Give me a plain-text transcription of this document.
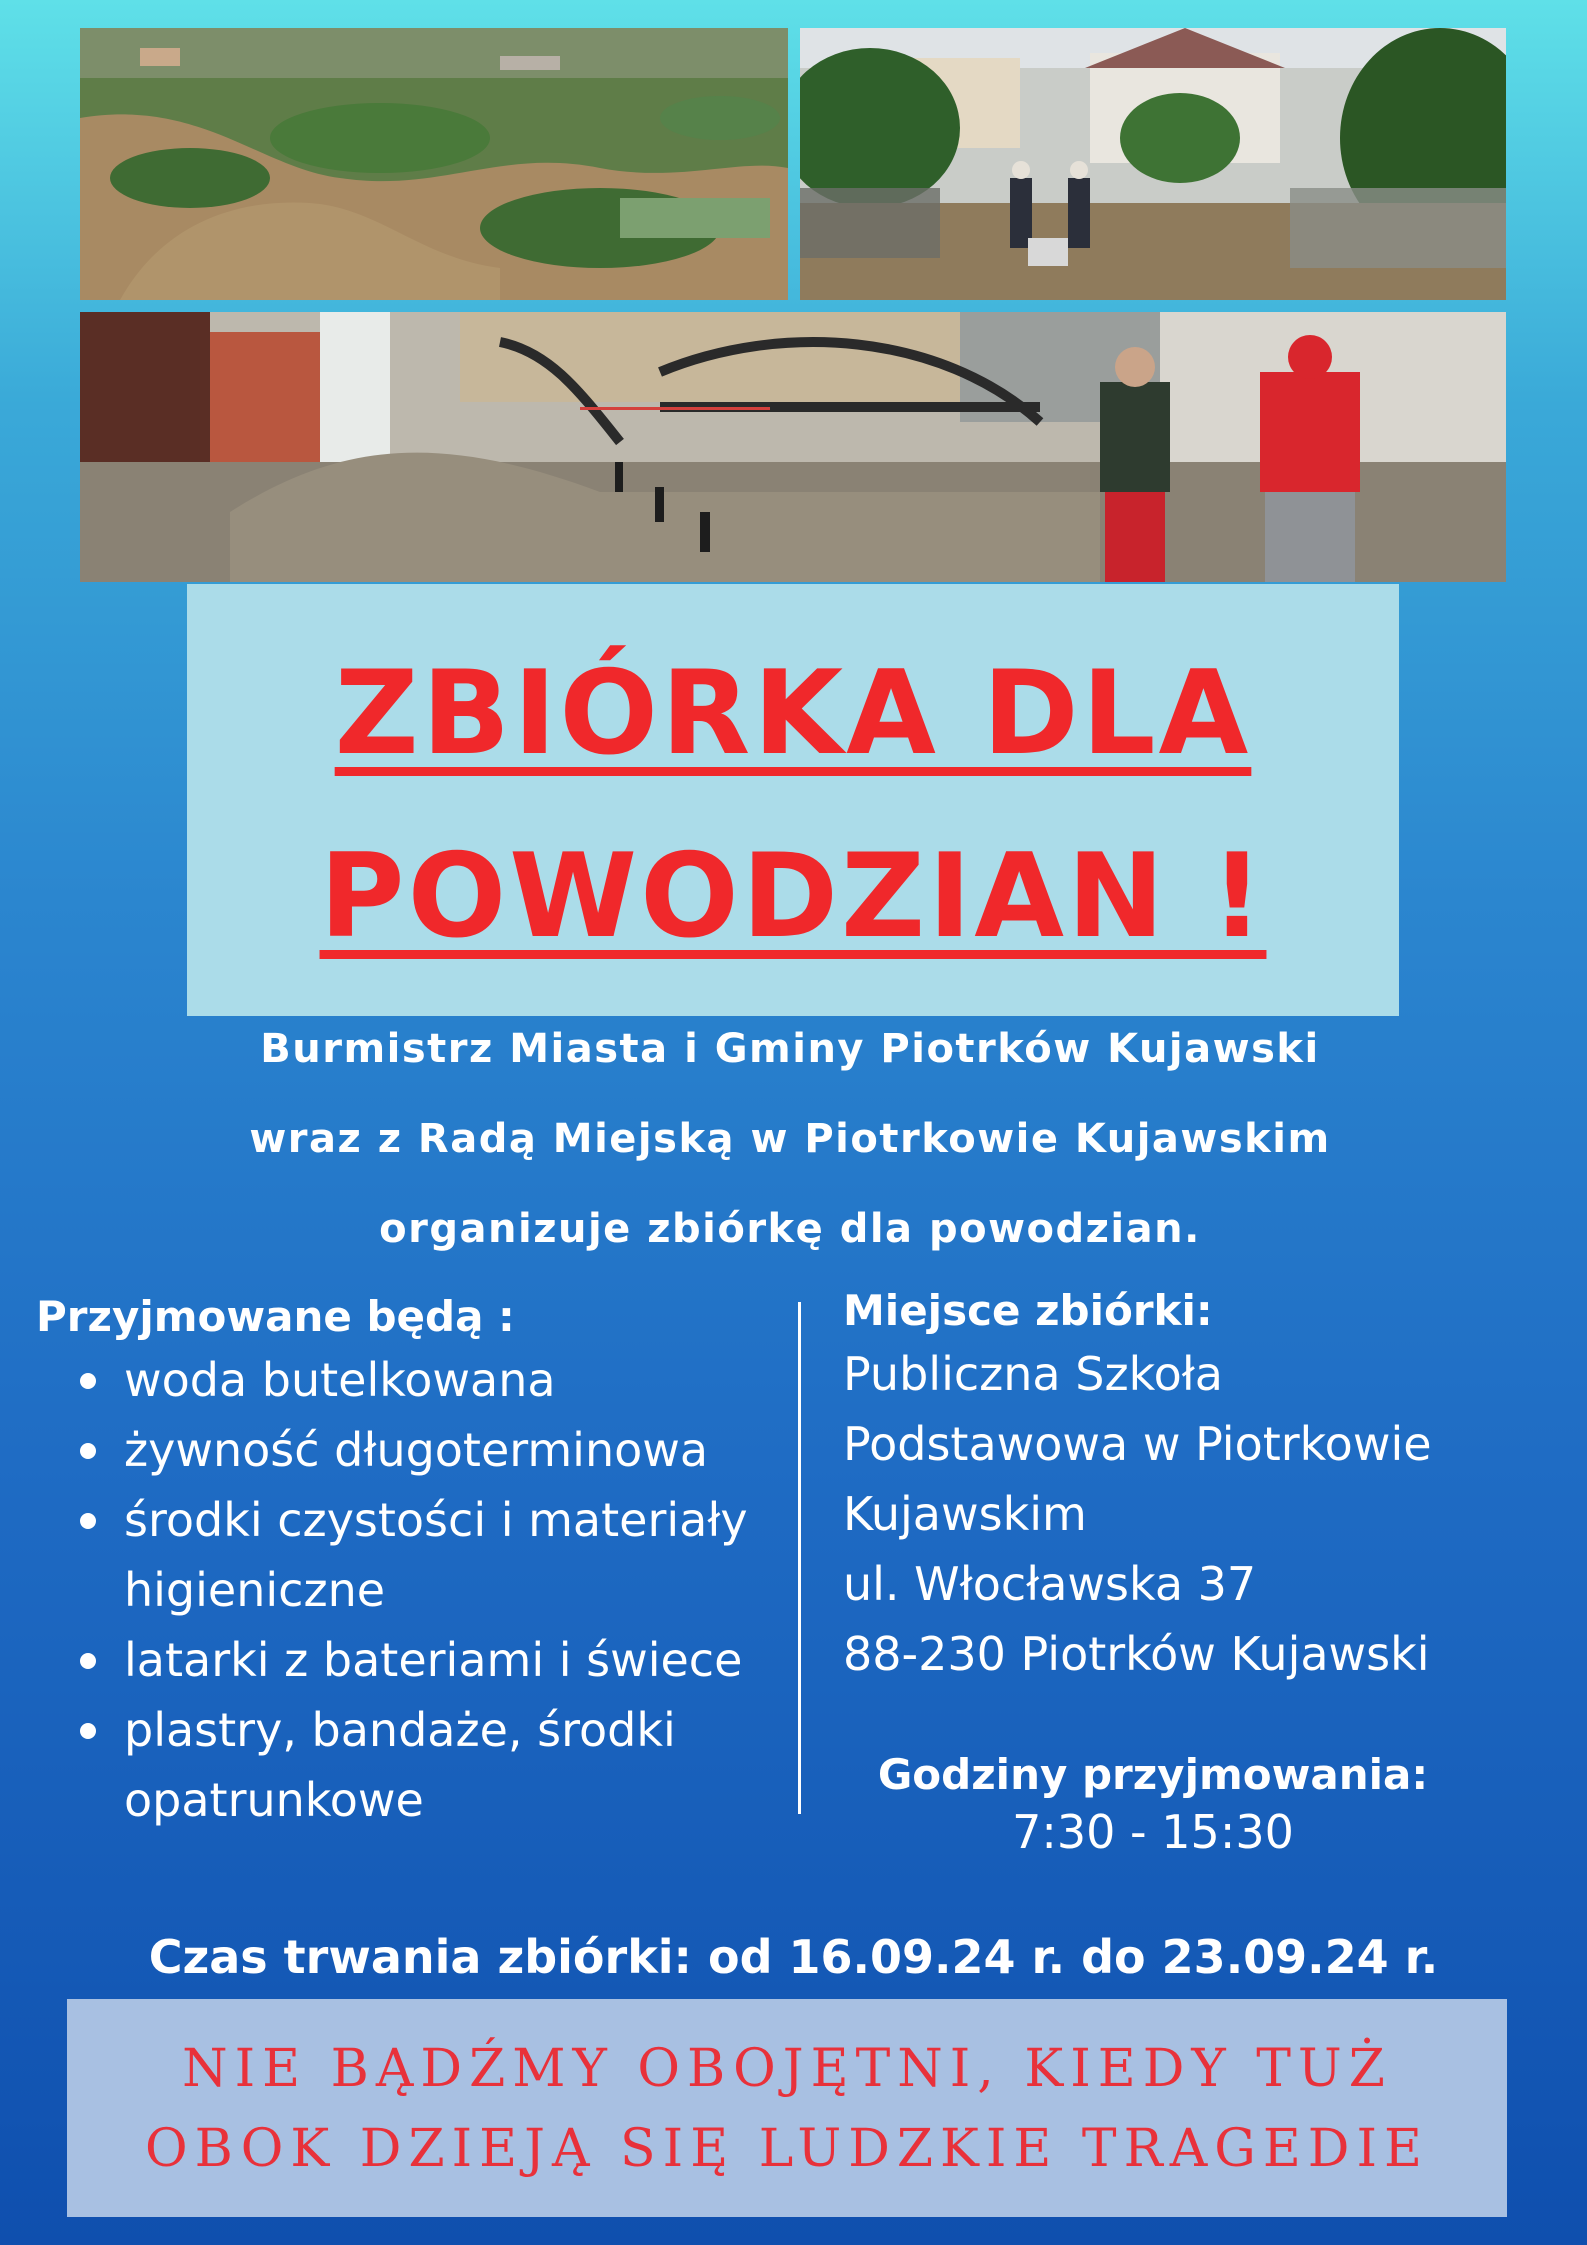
ZBIÓRKA DLA
POWODZIAN !
Burmistrz Miasta i Gminy Piotrków Kujawski
wraz z Radą Miejską w Piotrkowie Kujawskim
organizuje zbiórkę dla powodzian.
Przyjmowane będą :
woda butelkowana
żywność długoterminowa
środki czystości i materiały
higieniczne
latarki z bateriami i świece
plastry, bandaże, środki
opatrunkowe
Miejsce zbiórki:
Publiczna Szkoła
Podstawowa w Piotrkowie
Kujawskim
ul. Włocławska 37
88-230 Piotrków Kujawski
Godziny przyjmowania:
7:30 - 15:30
Czas trwania zbiórki: od 16.09.24 r. do 23.09.24 r.
NIE BĄDŹMY OBOJĘTNI, KIEDY TUŻ
OBOK DZIEJĄ SIĘ LUDZKIE TRAGEDIE
